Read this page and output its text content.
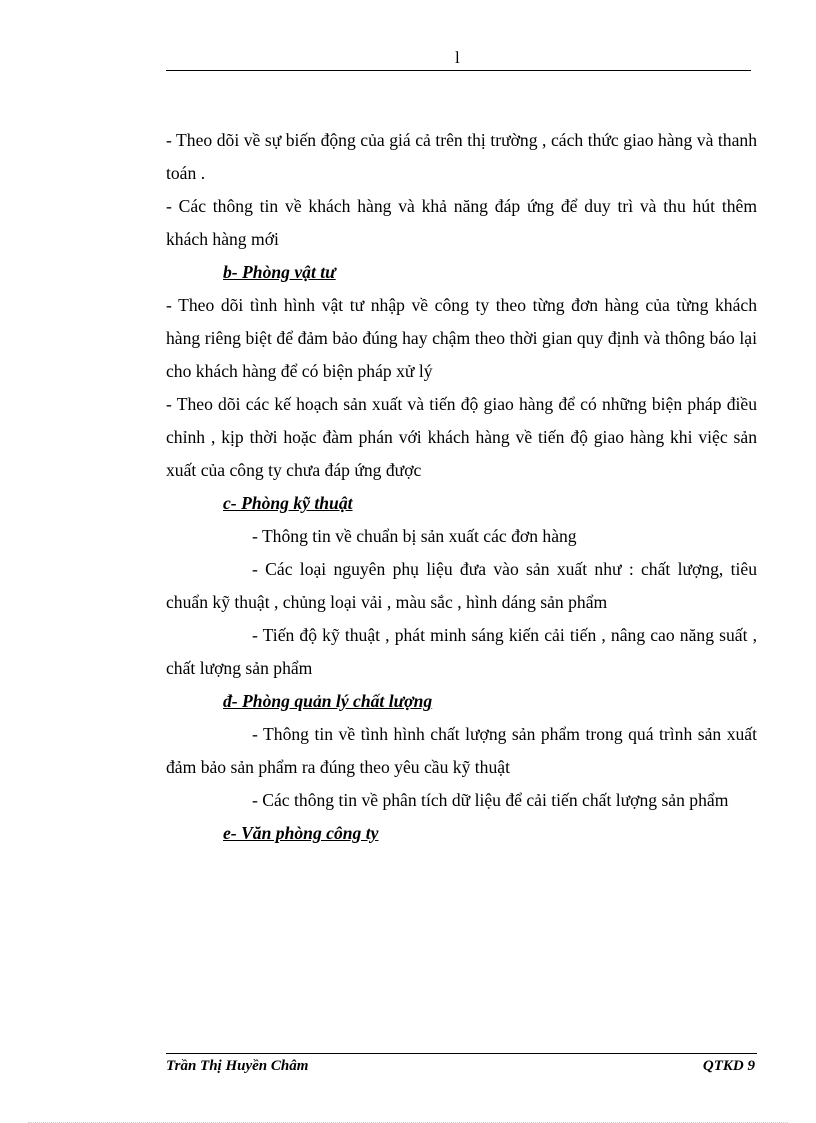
l

- Theo dõi về sự biến động của giá cả trên thị trường , cách thức giao hàng và thanh toán .

- Các thông tin về khách hàng và khả năng đáp ứng để duy trì và thu hút thêm khách hàng mới

b- Phòng vật tư

- Theo dõi tình hình vật tư nhập về công ty theo từng đơn hàng của từng khách hàng riêng biệt để đảm bảo đúng hay chậm theo thời gian quy định và thông báo lại cho khách hàng để có biện pháp xử lý

- Theo dõi các kế hoạch sản xuất và tiến độ giao hàng để có những biện pháp điều chỉnh , kịp thời hoặc đàm phán với khách hàng về tiến độ giao hàng khi việc sản xuất của công ty chưa đáp ứng được

c- Phòng kỹ thuật

- Thông tin về chuẩn bị sản xuất các đơn hàng

- Các loại nguyên phụ liệu đưa vào sản xuất như : chất lượng, tiêu chuẩn kỹ thuật , chủng loại vải , màu sắc , hình dáng sản phẩm

- Tiến độ kỹ thuật , phát minh sáng kiến cải tiến , nâng cao năng suất , chất lượng sản phẩm

đ- Phòng quản lý chất lượng

- Thông tin về tình hình chất lượng sản phẩm trong quá trình sản xuất đảm bảo sản phẩm ra đúng theo yêu cầu kỹ thuật

- Các thông tin về phân tích dữ liệu để cải tiến chất lượng sản phẩm

e- Văn phòng công ty

Trần Thị Huyền Châm	QTKD 9
